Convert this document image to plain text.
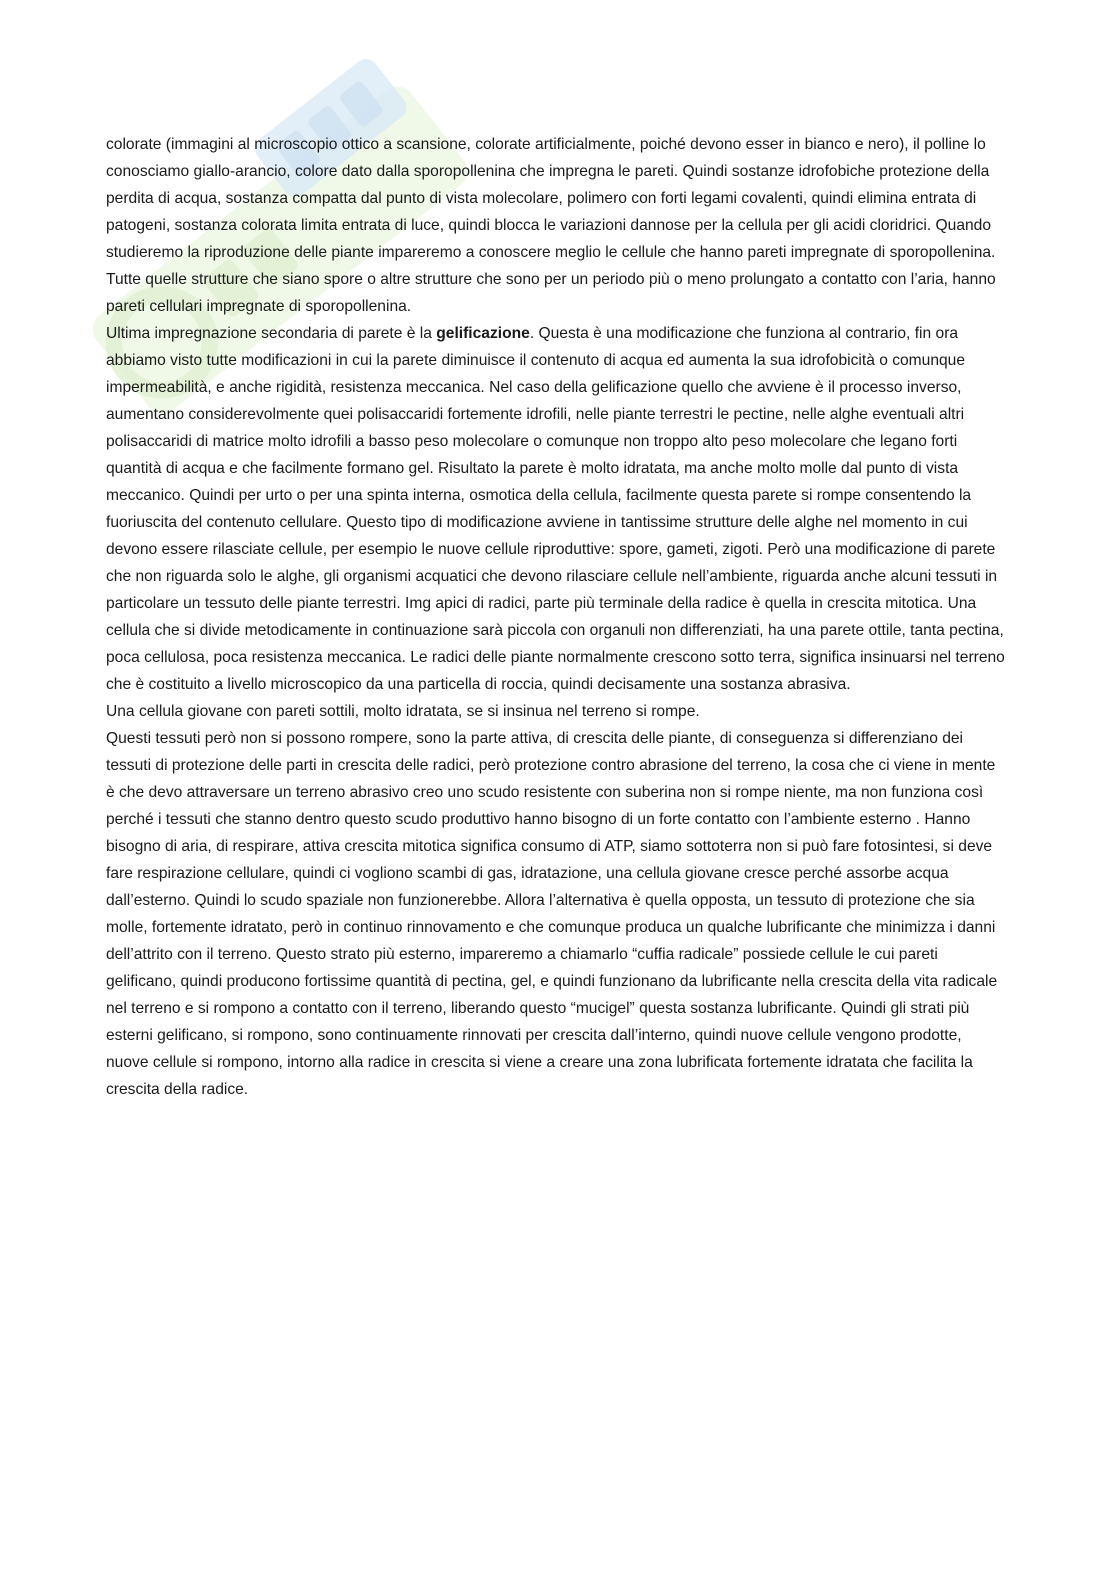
colorate (immagini al microscopio ottico a scansione, colorate artificialmente, poiché devono esser in bianco e nero), il polline lo conosciamo giallo-arancio, colore dato dalla sporopollenina che impregna le pareti. Quindi sostanze idrofobiche protezione della perdita di acqua, sostanza compatta dal punto di vista molecolare, polimero con forti legami covalenti, quindi elimina entrata di patogeni, sostanza colorata limita entrata di luce, quindi blocca le variazioni dannose per la cellula per gli acidi cloridrici. Quando studieremo la riproduzione delle piante impareremo a conoscere meglio le cellule che hanno pareti impregnate di sporopollenina. Tutte quelle strutture che siano spore o altre strutture che sono per un periodo più o meno prolungato a contatto con l’aria, hanno pareti cellulari impregnate di sporopollenina.

Ultima impregnazione secondaria di parete è la gelificazione. Questa è una modificazione che funziona al contrario, fin ora abbiamo visto tutte modificazioni in cui la parete diminuisce il contenuto di acqua ed aumenta la sua idrofobicità o comunque impermeabilità, e anche rigidità, resistenza meccanica. Nel caso della gelificazione quello che avviene è il processo inverso, aumentano considerevolmente quei polisaccaridi fortemente idrofili, nelle piante terrestri le pectine, nelle alghe eventuali altri polisaccaridi di matrice molto idrofili a basso peso molecolare o comunque non troppo alto peso molecolare che legano forti quantità di acqua e che facilmente formano gel. Risultato la parete è molto idratata, ma anche molto molle dal punto di vista meccanico. Quindi per urto o per una spinta interna, osmotica della cellula, facilmente questa parete si rompe consentendo la fuoriuscita del contenuto cellulare. Questo tipo di modificazione avviene in tantissime strutture delle alghe nel momento in cui devono essere rilasciate cellule, per esempio le nuove cellule riproduttive: spore, gameti, zigoti. Però una modificazione di parete che non riguarda solo le alghe, gli organismi acquatici che devono rilasciare cellule nell’ambiente, riguarda anche alcuni tessuti in particolare un tessuto delle piante terrestri. Img apici di radici, parte più terminale della radice è quella in crescita mitotica. Una cellula che si divide metodicamente in continuazione sarà piccola con organuli non differenziati, ha una parete ottile, tanta pectina, poca cellulosa, poca resistenza meccanica. Le radici delle piante normalmente crescono sotto terra, significa insinuarsi nel terreno che è costituito a livello microscopico da una particella di roccia, quindi decisamente una sostanza abrasiva.

Una cellula giovane con pareti sottili, molto idratata, se si insinua nel terreno si rompe.

Questi tessuti però non si possono rompere, sono la parte attiva, di crescita delle piante, di conseguenza si differenziano dei tessuti di protezione delle parti in crescita delle radici, però protezione contro abrasione del terreno, la cosa che ci viene in mente è che devo attraversare un terreno abrasivo creo uno scudo resistente con suberina non si rompe niente, ma non funziona così perché i tessuti che stanno dentro questo scudo produttivo hanno bisogno di un forte contatto con l’ambiente esterno . Hanno bisogno di aria, di respirare, attiva crescita mitotica significa consumo di ATP, siamo sottoterra non si può fare fotosintesi, si deve fare respirazione cellulare, quindi ci vogliono scambi di gas, idratazione, una cellula giovane cresce perché assorbe acqua dall’esterno. Quindi lo scudo spaziale non funzionerebbe. Allora l’alternativa è quella opposta, un tessuto di protezione che sia molle, fortemente idratato, però in continuo rinnovamento e che comunque produca un qualche lubrificante che minimizza i danni dell’attrito con il terreno. Questo strato più esterno, impareremo a chiamarlo “cuffia radicale” possiede cellule le cui pareti gelificano, quindi producono fortissime quantità di pectina, gel, e quindi funzionano da lubrificante nella crescita della vita radicale nel terreno e si rompono a contatto con il terreno, liberando questo “mucigel” questa sostanza lubrificante. Quindi gli strati più esterni gelificano, si rompono, sono continuamente rinnovati per crescita dall’interno, quindi nuove cellule vengono prodotte, nuove cellule si rompono, intorno alla radice in crescita si viene a creare una zona lubrificata fortemente idratata che facilita la crescita della radice.
